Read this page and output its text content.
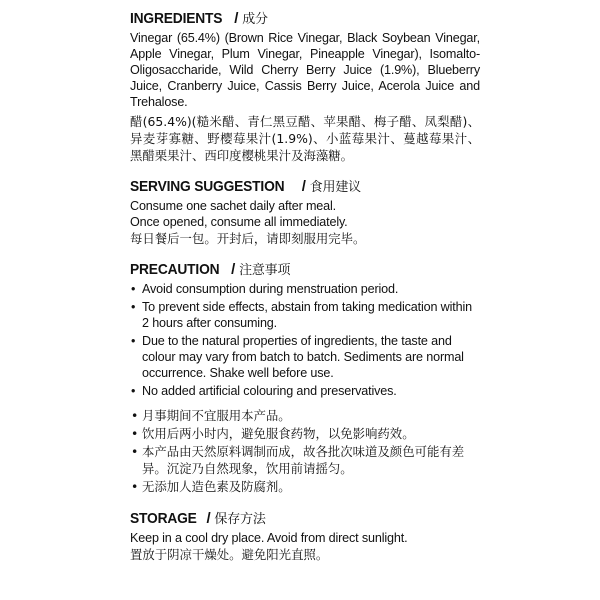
INGREDIENTS / 成分

Vinegar (65.4%) (Brown Rice Vinegar, Black Soybean Vinegar, Apple Vinegar, Plum Vinegar, Pineapple Vinegar), Isomalto-Oligosaccharide, Wild Cherry Berry Juice (1.9%), Blueberry Juice, Cranberry Juice, Cassis Berry Juice, Acerola Juice and Trehalose.

醋(65.4%)(糙米醋、青仁黑豆醋、苹果醋、梅子醋、凤梨醋)、异麦芽寡糖、野樱莓果汁(1.9%)、小蓝莓果汁、蔓越莓果汁、黑醋栗果汁、西印度樱桃果汁及海藻糖。

SERVING SUGGESTION / 食用建议
Consume one sachet daily after meal.
Once opened, consume all immediately.
每日餐后一包。开封后，请即刻服用完毕。
PRECAUTION / 注意事项
• Avoid consumption during menstruation period.
• To prevent side effects, abstain from taking medication within 2 hours after consuming.
• Due to the natural properties of ingredients, the taste and colour may vary from batch to batch. Sediments are normal occurrence. Shake well before use.
• No added artificial colouring and preservatives.
• 月事期间不宜服用本产品。
• 饮用后两小时内，避免服食药物，以免影响药效。
• 本产品由天然原料调制而成，故各批次味道及颜色可能有差异。沉淀乃自然现象，饮用前请摇匀。
• 无添加人造色素及防腐剂。
STORAGE / 保存方法
Keep in a cool dry place. Avoid from direct sunlight.
置放于阴凉干燥处。避免阳光直照。
